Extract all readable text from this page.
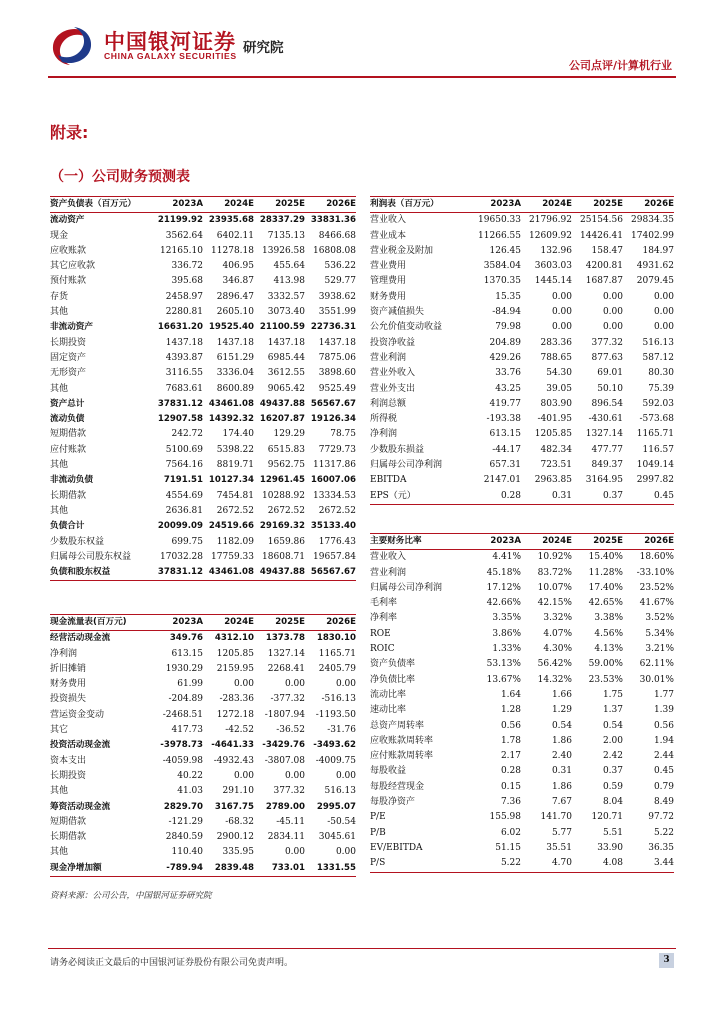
中国银河证券
CHINA GALAXY SECURITIES 研究院
公司点评/计算机行业
附录:
（一）公司财务预测表
资产负债表（百万元）	2023A	2024E	2025E	2026E
流动资产	21199.92	23935.68	28337.29	33831.36
现金	3562.64	6402.11	7135.13	8466.68
应收账款	12165.10	11278.18	13926.58	16808.08
其它应收款	336.72	406.95	455.64	536.22
预付账款	395.68	346.87	413.98	529.77
存货	2458.97	2896.47	3332.57	3938.62
其他	2280.81	2605.10	3073.40	3551.99
非流动资产	16631.20	19525.40	21100.59	22736.31
长期投资	1437.18	1437.18	1437.18	1437.18
固定资产	4393.87	6151.29	6985.44	7875.06
无形资产	3116.55	3336.04	3612.55	3898.60
其他	7683.61	8600.89	9065.42	9525.49
资产总计	37831.12	43461.08	49437.88	56567.67
流动负债	12907.58	14392.32	16207.87	19126.34
短期借款	242.72	174.40	129.29	78.75
应付账款	5100.69	5398.22	6515.83	7729.73
其他	7564.16	8819.71	9562.75	11317.86
非流动负债	7191.51	10127.34	12961.45	16007.06
长期借款	4554.69	7454.81	10288.92	13334.53
其他	2636.81	2672.52	2672.52	2672.52
负债合计	20099.09	24519.66	29169.32	35133.40
少数股东权益	699.75	1182.09	1659.86	1776.43
归属母公司股东权益	17032.28	17759.33	18608.71	19657.84
负债和股东权益	37831.12	43461.08	49437.88	56567.67
现金流量表(百万元)	2023A	2024E	2025E	2026E
经营活动现金流	349.76	4312.10	1373.78	1830.10
净利润	613.15	1205.85	1327.14	1165.71
折旧摊销	1930.29	2159.95	2268.41	2405.79
财务费用	61.99	0.00	0.00	0.00
投资损失	-204.89	-283.36	-377.32	-516.13
营运资金变动	-2468.51	1272.18	-1807.94	-1193.50
其它	417.73	-42.52	-36.52	-31.76
投资活动现金流	-3978.73	-4641.33	-3429.76	-3493.62
资本支出	-4059.98	-4932.43	-3807.08	-4009.75
长期投资	40.22	0.00	0.00	0.00
其他	41.03	291.10	377.32	516.13
筹资活动现金流	2829.70	3167.75	2789.00	2995.07
短期借款	-121.29	-68.32	-45.11	-50.54
长期借款	2840.59	2900.12	2834.11	3045.61
其他	110.40	335.95	0.00	0.00
现金净增加额	-789.94	2839.48	733.01	1331.55
利润表（百万元）	2023A	2024E	2025E	2026E
营业收入	19650.33	21796.92	25154.56	29834.35
营业成本	11266.55	12609.92	14426.41	17402.99
营业税金及附加	126.45	132.96	158.47	184.97
营业费用	3584.04	3603.03	4200.81	4931.62
管理费用	1370.35	1445.14	1687.87	2079.45
财务费用	15.35	0.00	0.00	0.00
资产减值损失	-84.94	0.00	0.00	0.00
公允价值变动收益	79.98	0.00	0.00	0.00
投资净收益	204.89	283.36	377.32	516.13
营业利润	429.26	788.65	877.63	587.12
营业外收入	33.76	54.30	69.01	80.30
营业外支出	43.25	39.05	50.10	75.39
利润总额	419.77	803.90	896.54	592.03
所得税	-193.38	-401.95	-430.61	-573.68
净利润	613.15	1205.85	1327.14	1165.71
少数股东损益	-44.17	482.34	477.77	116.57
归属母公司净利润	657.31	723.51	849.37	1049.14
EBITDA	2147.01	2963.85	3164.95	2997.82
EPS（元）	0.28	0.31	0.37	0.45
主要财务比率	2023A	2024E	2025E	2026E
营业收入	4.41%	10.92%	15.40%	18.60%
营业利润	45.18%	83.72%	11.28%	-33.10%
归属母公司净利润	17.12%	10.07%	17.40%	23.52%
毛利率	42.66%	42.15%	42.65%	41.67%
净利率	3.35%	3.32%	3.38%	3.52%
ROE	3.86%	4.07%	4.56%	5.34%
ROIC	1.33%	4.30%	4.13%	3.21%
资产负债率	53.13%	56.42%	59.00%	62.11%
净负债比率	13.67%	14.32%	23.53%	30.01%
流动比率	1.64	1.66	1.75	1.77
速动比率	1.28	1.29	1.37	1.39
总资产周转率	0.56	0.54	0.54	0.56
应收账款周转率	1.78	1.86	2.00	1.94
应付账款周转率	2.17	2.40	2.42	2.44
每股收益	0.28	0.31	0.37	0.45
每股经营现金	0.15	1.86	0.59	0.79
每股净资产	7.36	7.67	8.04	8.49
P/E	155.98	141.70	120.71	97.72
P/B	6.02	5.77	5.51	5.22
EV/EBITDA	51.15	35.51	33.90	36.35
P/S	5.22	4.70	4.08	3.44
资料来源：公司公告，中国银河证券研究院
请务必阅读正文最后的中国银河证券股份有限公司免责声明。	3
